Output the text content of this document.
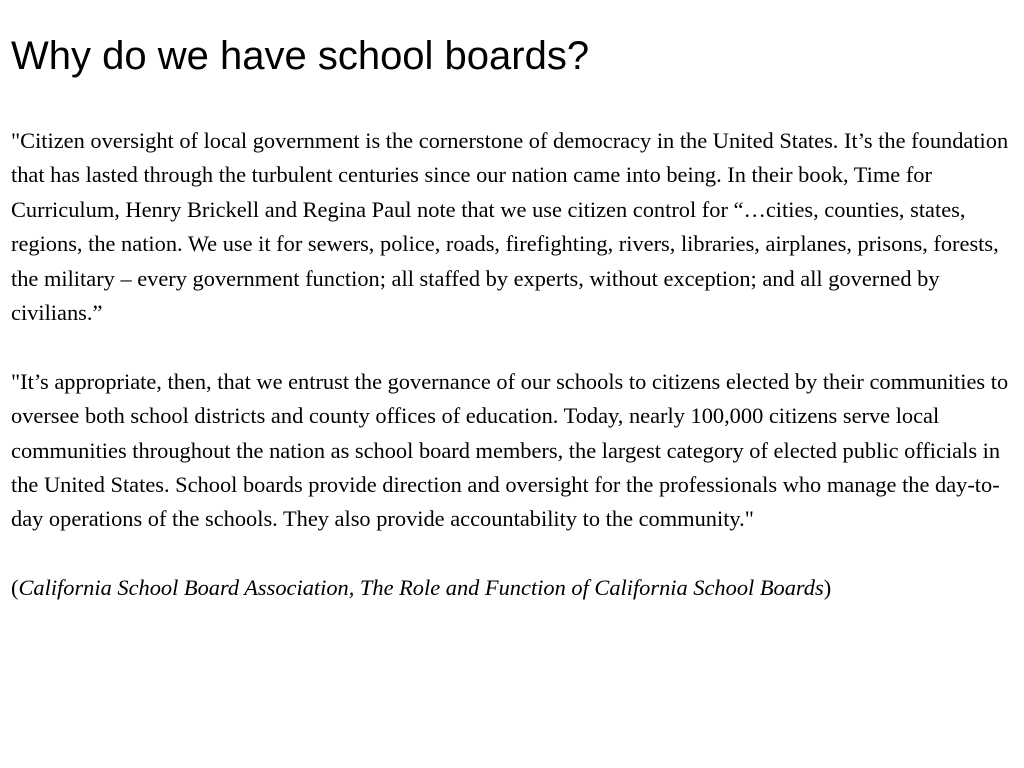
Why do we have school boards?

"Citizen oversight of local government is the cornerstone of democracy in the United States. It’s the foundation that has lasted through the turbulent centuries since our nation came into being. In their book, Time for Curriculum, Henry Brickell and Regina Paul note that we use citizen control for “…cities, counties, states, regions, the nation. We use it for sewers, police, roads, firefighting, rivers, libraries, airplanes, prisons, forests, the military – every government function; all staffed by experts, without exception; and all governed by civilians.”

"It’s appropriate, then, that we entrust the governance of our schools to citizens elected by their communities to oversee both school districts and county offices of education. Today, nearly 100,000 citizens serve local communities throughout the nation as school board members, the largest category of elected public officials in the United States. School boards provide direction and oversight for the professionals who manage the day-to-day operations of the schools. They also provide accountability to the community."

(California School Board Association, The Role and Function of California School Boards)
